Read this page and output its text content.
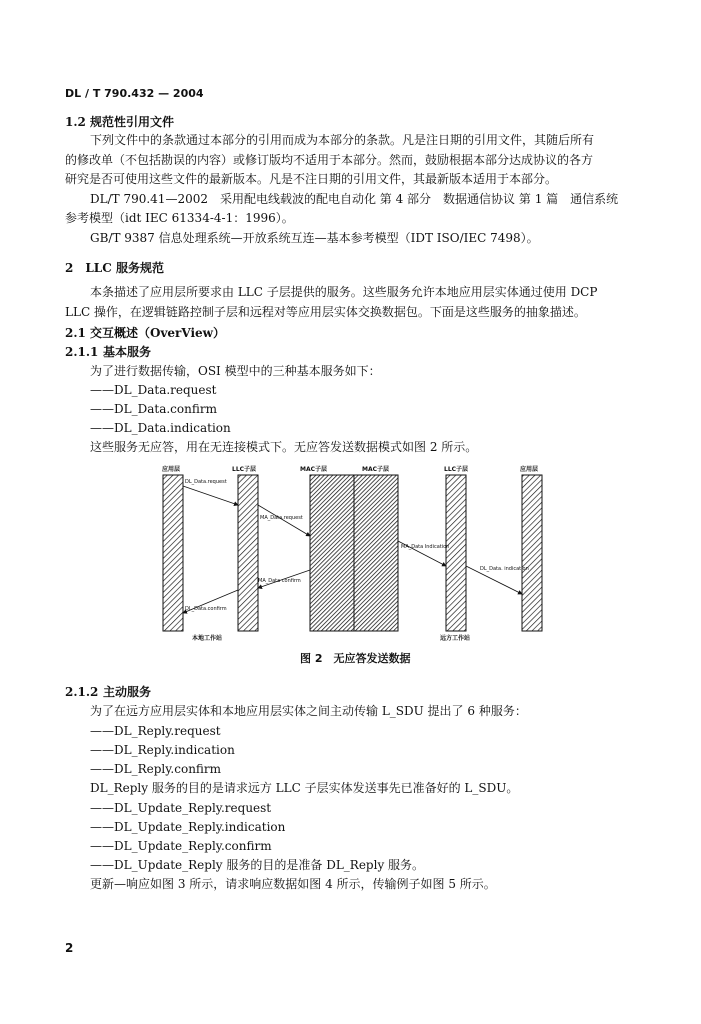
DL / T 790.432 — 2004
1.2 规范性引用文件
下列文件中的条款通过本部分的引用而成为本部分的条款。凡是注日期的引用文件，其随后所有
的修改单（不包括勘误的内容）或修订版均不适用于本部分。然而，鼓励根据本部分达成协议的各方
研究是否可使用这些文件的最新版本。凡是不注日期的引用文件，其最新版本适用于本部分。
DL/T 790.41—2002　采用配电线载波的配电自动化 第 4 部分　数据通信协议 第 1 篇　通信系统
参考模型（idt IEC 61334-4-1：1996）。
GB/T 9387 信息处理系统—开放系统互连—基本参考模型（IDT ISO/IEC 7498）。
2　LLC 服务规范
本条描述了应用层所要求由 LLC 子层提供的服务。这些服务允许本地应用层实体通过使用 DCP
LLC 操作，在逻辑链路控制子层和远程对等应用层实体交换数据包。下面是这些服务的抽象描述。
2.1 交互概述（OverView）
2.1.1 基本服务
为了进行数据传输，OSI 模型中的三种基本服务如下：
——DL_Data.request
——DL_Data.confirm
——DL_Data.indication
这些服务无应答，用在无连接模式下。无应答发送数据模式如图 2 所示。
应用层	LLC子层	MAC子层	MAC子层	LLC子层	应用层
DL_Data.request
MA_Data.request
MA_Data Indication
DL_Data. indication
MA_Data confirm
DL_Data.confirm
本地工作站	远方工作站
图 2　无应答发送数据
2.1.2 主动服务
为了在远方应用层实体和本地应用层实体之间主动传输 L_SDU 提出了 6 种服务：
——DL_Reply.request
——DL_Reply.indication
——DL_Reply.confirm
DL_Reply 服务的目的是请求远方 LLC 子层实体发送事先已准备好的 L_SDU。
——DL_Update_Reply.request
——DL_Update_Reply.indication
——DL_Update_Reply.confirm
——DL_Update_Reply 服务的目的是准备 DL_Reply 服务。
更新—响应如图 3 所示，请求响应数据如图 4 所示，传输例子如图 5 所示。
2
